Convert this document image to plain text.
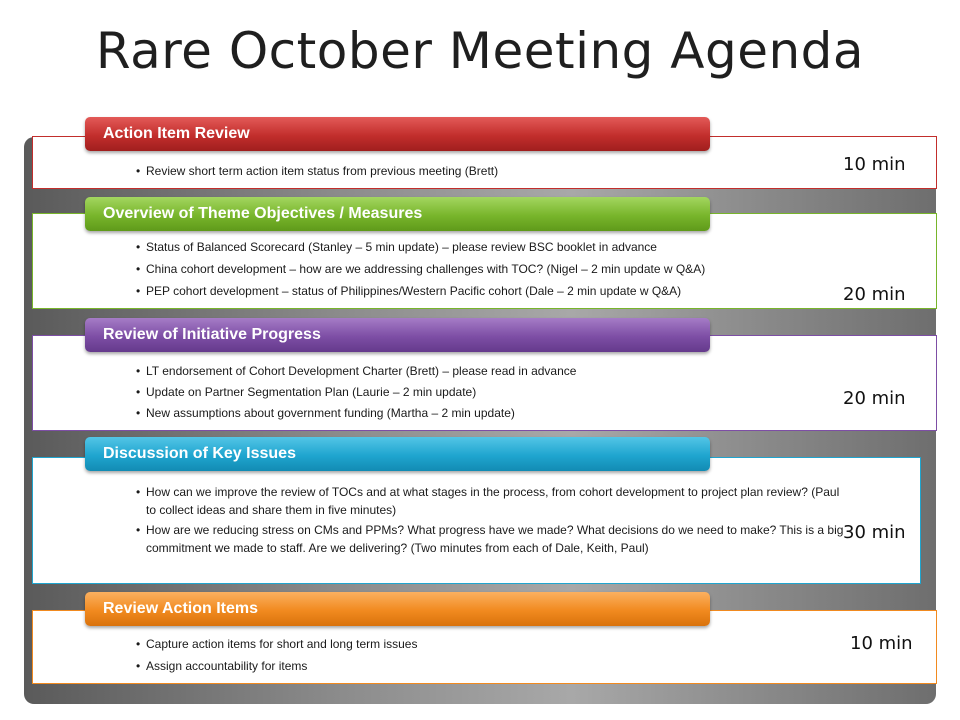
Rare October Meeting Agenda
• Review short term action item status from previous meeting (Brett)
Action Item Review
10 min
• Status of Balanced Scorecard (Stanley – 5 min update) – please review BSC booklet in advance
• China cohort development – how are we addressing challenges with TOC? (Nigel – 2 min update w Q&A)
• PEP cohort development – status of Philippines/Western Pacific cohort (Dale – 2 min update w Q&A)
Overview of Theme Objectives / Measures
20 min
• LT endorsement of Cohort Development Charter (Brett) – please read in advance
• Update on Partner Segmentation Plan (Laurie – 2 min update)
• New assumptions about government funding (Martha – 2 min update)
Review of Initiative Progress
20 min
• How can we improve the review of TOCs and at what stages in the process, from cohort development to project plan review? (Paul to collect ideas and share them in five minutes)
• How are we reducing stress on CMs and PPMs? What progress have we made? What decisions do we need to make? This is a big commitment we made to staff. Are we delivering? (Two minutes from each of Dale, Keith, Paul)
Discussion of Key Issues
30 min
• Capture action items for short and long term issues
• Assign accountability for items
Review Action Items
10 min
